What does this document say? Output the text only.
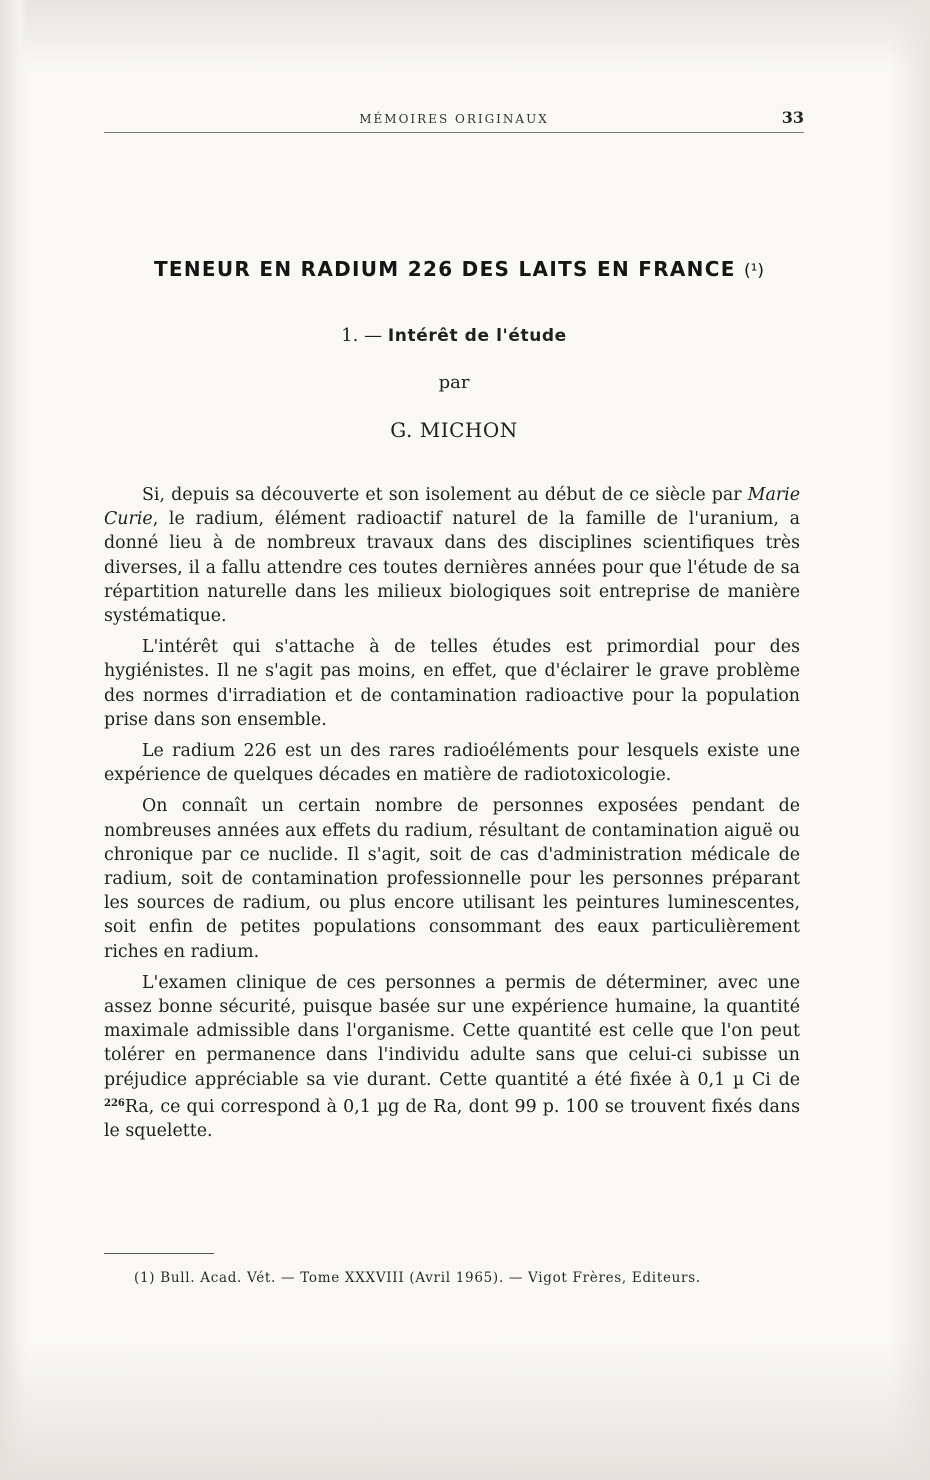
MÉMOIRES ORIGINAUX	33
TENEUR EN RADIUM 226 DES LAITS EN FRANCE (¹)
1. — Intérêt de l'étude
par
G. MICHON

Si, depuis sa découverte et son isolement au début de ce siècle par Marie Curie, le radium, élément radioactif naturel de la famille de l'uranium, a donné lieu à de nombreux travaux dans des disciplines scientifiques très diverses, il a fallu attendre ces toutes dernières années pour que l'étude de sa répartition naturelle dans les milieux biologiques soit entreprise de manière systématique.

L'intérêt qui s'attache à de telles études est primordial pour des hygiénistes. Il ne s'agit pas moins, en effet, que d'éclairer le grave problème des normes d'irradiation et de contamination radioactive pour la population prise dans son ensemble.

Le radium 226 est un des rares radioéléments pour lesquels existe une expérience de quelques décades en matière de radiotoxicologie.

On connaît un certain nombre de personnes exposées pendant de nombreuses années aux effets du radium, résultant de contamination aiguë ou chronique par ce nuclide. Il s'agit, soit de cas d'administration médicale de radium, soit de contamination professionnelle pour les personnes préparant les sources de radium, ou plus encore utilisant les peintures luminescentes, soit enfin de petites populations consommant des eaux particulièrement riches en radium.

L'examen clinique de ces personnes a permis de déterminer, avec une assez bonne sécurité, puisque basée sur une expérience humaine, la quantité maximale admissible dans l'organisme. Cette quantité est celle que l'on peut tolérer en permanence dans l'individu adulte sans que celui-ci subisse un préjudice appréciable sa vie durant. Cette quantité a été fixée à 0,1 µ Ci de $^{226}$Ra, ce qui correspond à 0,1 µg de Ra, dont 99 p. 100 se trouvent fixés dans le squelette.

(1) Bull. Acad. Vét. — Tome XXXVIII (Avril 1965). — Vigot Frères, Editeurs.
